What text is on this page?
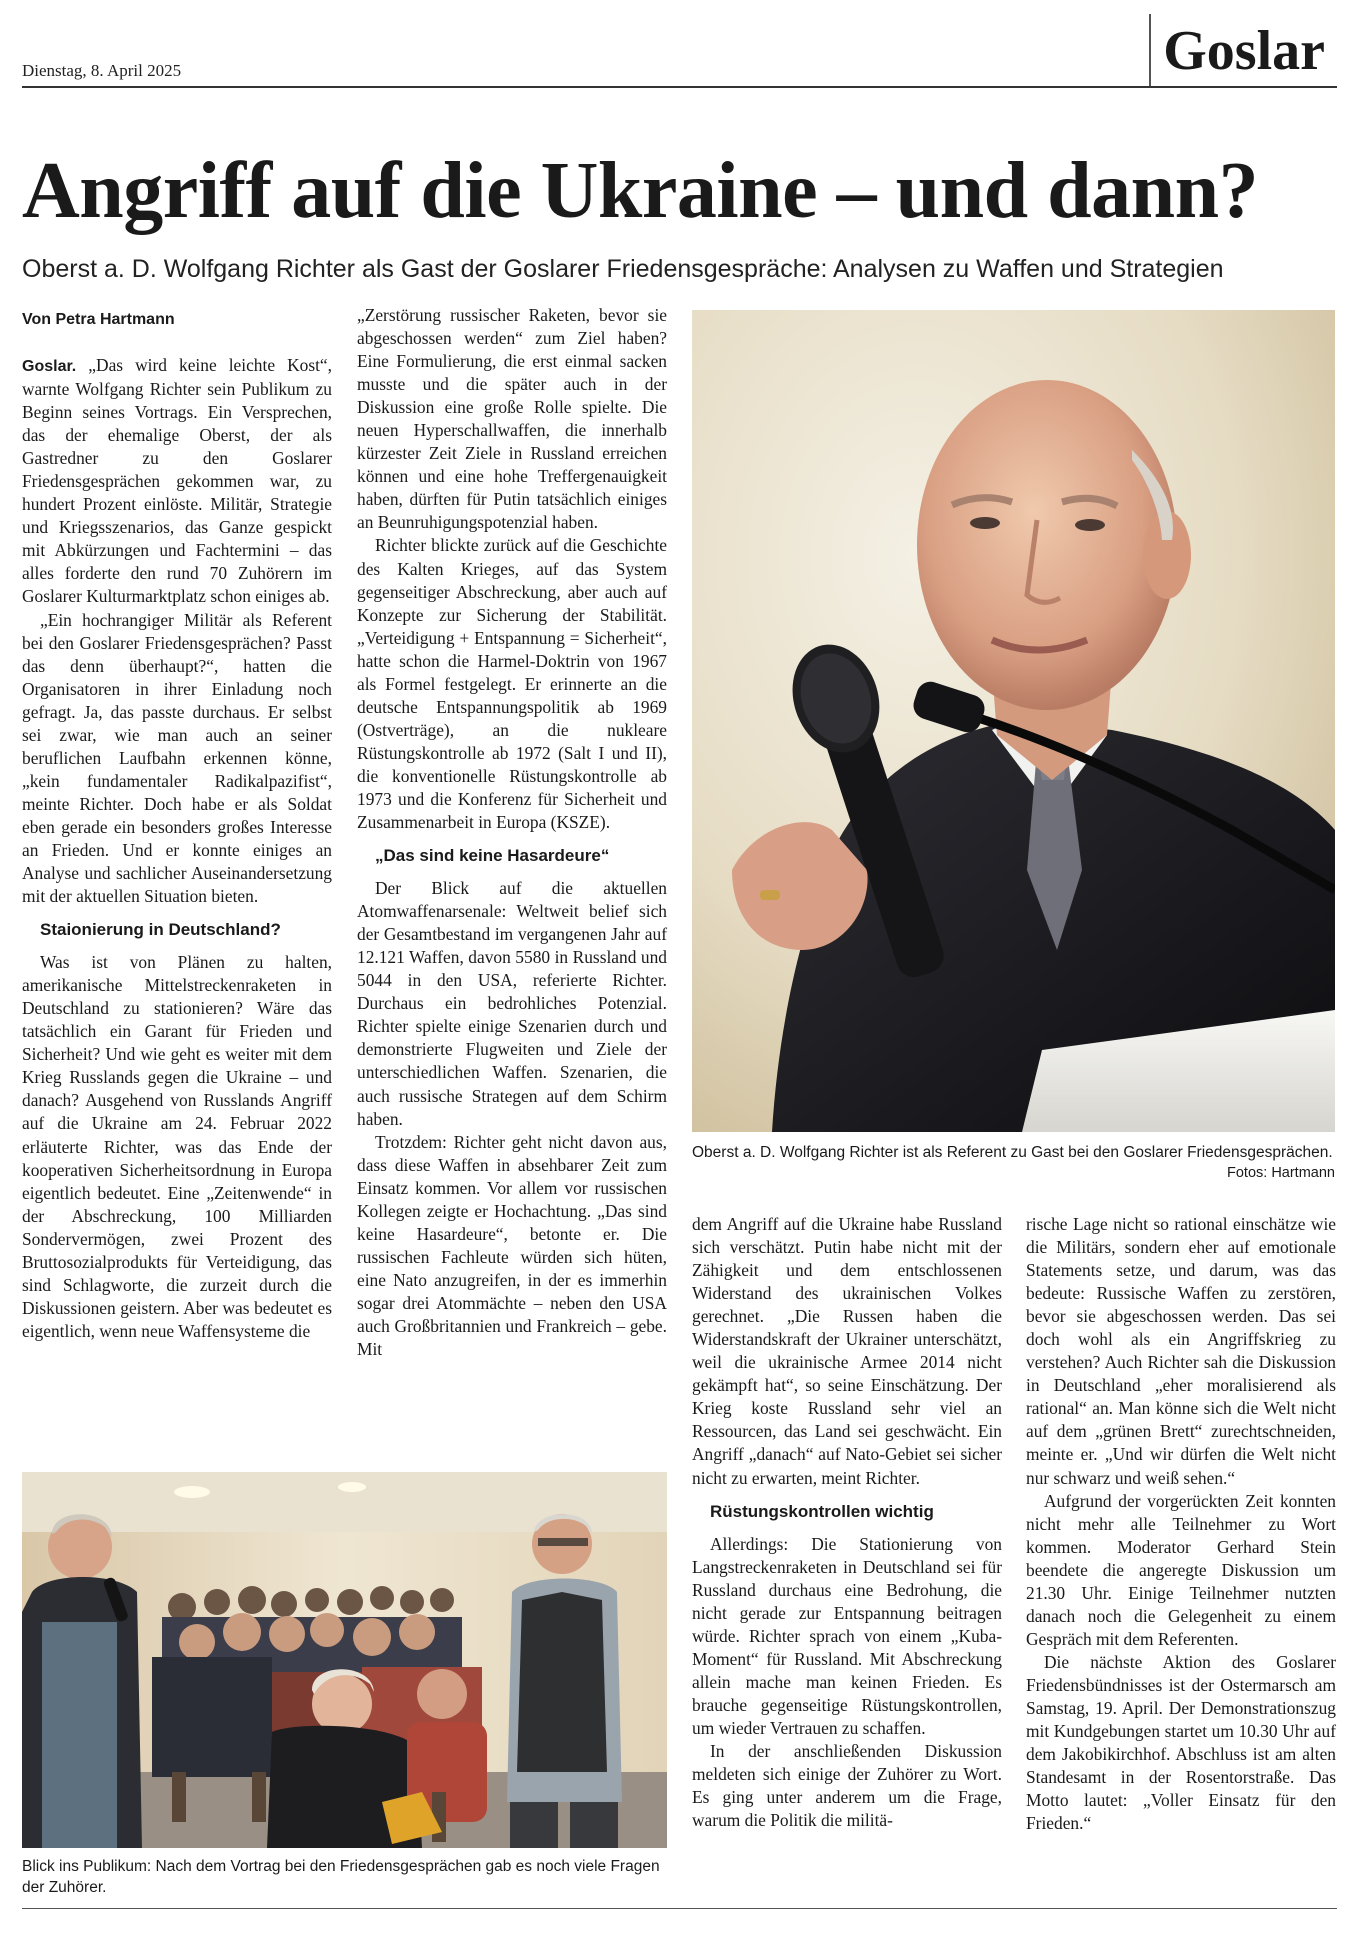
Dienstag, 8. April 2025	Goslar
Angriff auf die Ukraine – und dann?
Oberst a. D. Wolfgang Richter als Gast der Goslarer Friedensgespräche: Analysen zu Waffen und Strategien
Von Petra Hartmann

Goslar. „Das wird keine leichte Kost“, warnte Wolfgang Richter sein Publikum zu Beginn seines Vortrags. Ein Versprechen, das der ehemalige Oberst, der als Gastredner zu den Goslarer Friedensgesprächen gekommen war, zu hundert Prozent einlöste. Militär, Strategie und Kriegsszenarios, das Ganze gespickt mit Abkürzungen und Fachtermini – das alles forderte den rund 70 Zuhörern im Goslarer Kulturmarktplatz schon einiges ab.

„Ein hochrangiger Militär als Referent bei den Goslarer Friedensgesprächen? Passt das denn überhaupt?“, hatten die Organisatoren in ihrer Einladung noch gefragt. Ja, das passte durchaus. Er selbst sei zwar, wie man auch an seiner beruflichen Laufbahn erkennen könne, „kein fundamentaler Radikalpazifist“, meinte Richter. Doch habe er als Soldat eben gerade ein besonders großes Interesse an Frieden. Und er konnte einiges an Analyse und sachlicher Auseinandersetzung mit der aktuellen Situation bieten.

Staionierung in Deutschland?

Was ist von Plänen zu halten, amerikanische Mittelstreckenraketen in Deutschland zu stationieren? Wäre das tatsächlich ein Garant für Frieden und Sicherheit? Und wie geht es weiter mit dem Krieg Russlands gegen die Ukraine – und danach? Ausgehend von Russlands Angriff auf die Ukraine am 24. Februar 2022 erläuterte Richter, was das Ende der kooperativen Sicherheitsordnung in Europa eigentlich bedeutet. Eine „Zeitenwende“ in der Abschreckung, 100 Milliarden Sondervermögen, zwei Prozent des Bruttosozialprodukts für Verteidigung, das sind Schlagworte, die zurzeit durch die Diskussionen geistern. Aber was bedeutet es eigentlich, wenn neue Waffensysteme die

„Zerstörung russischer Raketen, bevor sie abgeschossen werden“ zum Ziel haben? Eine Formulierung, die erst einmal sacken musste und die später auch in der Diskussion eine große Rolle spielte. Die neuen Hyperschallwaffen, die innerhalb kürzester Zeit Ziele in Russland erreichen können und eine hohe Treffergenauigkeit haben, dürften für Putin tatsächlich einiges an Beunruhigungspotenzial haben.

Richter blickte zurück auf die Geschichte des Kalten Krieges, auf das System gegenseitiger Abschreckung, aber auch auf Konzepte zur Sicherung der Stabilität. „Verteidigung + Entspannung = Sicherheit“, hatte schon die Harmel-Doktrin von 1967 als Formel festgelegt. Er erinnerte an die deutsche Entspannungspolitik ab 1969 (Ostverträge), an die nukleare Rüstungskontrolle ab 1972 (Salt I und II), die konventionelle Rüstungskontrolle ab 1973 und die Konferenz für Sicherheit und Zusammenarbeit in Europa (KSZE).

„Das sind keine Hasardeure“

Der Blick auf die aktuellen Atomwaffenarsenale: Weltweit belief sich der Gesamtbestand im vergangenen Jahr auf 12.121 Waffen, davon 5580 in Russland und 5044 in den USA, referierte Richter. Durchaus ein bedrohliches Potenzial. Richter spielte einige Szenarien durch und demonstrierte Flugweiten und Ziele der unterschiedlichen Waffen. Szenarien, die auch russische Strategen auf dem Schirm haben.

Trotzdem: Richter geht nicht davon aus, dass diese Waffen in absehbarer Zeit zum Einsatz kommen. Vor allem vor russischen Kollegen zeigte er Hochachtung. „Das sind keine Hasardeure“, betonte er. Die russischen Fachleute würden sich hüten, eine Nato anzugreifen, in der es immerhin sogar drei Atommächte – neben den USA auch Großbritannien und Frankreich – gebe. Mit

Oberst a. D. Wolfgang Richter ist als Referent zu Gast bei den Goslarer Friedensgesprächen.
Fotos: Hartmann

dem Angriff auf die Ukraine habe Russland sich verschätzt. Putin habe nicht mit der Zähigkeit und dem entschlossenen Widerstand des ukrainischen Volkes gerechnet. „Die Russen haben die Widerstandskraft der Ukrainer unterschätzt, weil die ukrainische Armee 2014 nicht gekämpft hat“, so seine Einschätzung. Der Krieg koste Russland sehr viel an Ressourcen, das Land sei geschwächt. Ein Angriff „danach“ auf Nato-Gebiet sei sicher nicht zu erwarten, meint Richter.

Rüstungskontrollen wichtig

Allerdings: Die Stationierung von Langstreckenraketen in Deutschland sei für Russland durchaus eine Bedrohung, die nicht gerade zur Entspannung beitragen würde. Richter sprach von einem „Kuba-Moment“ für Russland. Mit Abschreckung allein mache man keinen Frieden. Es brauche gegenseitige Rüstungskontrollen, um wieder Vertrauen zu schaffen.

In der anschließenden Diskussion meldeten sich einige der Zuhörer zu Wort. Es ging unter anderem um die Frage, warum die Politik die militä-

rische Lage nicht so rational einschätze wie die Militärs, sondern eher auf emotionale Statements setze, und darum, was das bedeute: Russische Waffen zu zerstören, bevor sie abgeschossen werden. Das sei doch wohl als ein Angriffskrieg zu verstehen? Auch Richter sah die Diskussion in Deutschland „eher moralisierend als rational“ an. Man könne sich die Welt nicht auf dem „grünen Brett“ zurechtschneiden, meinte er. „Und wir dürfen die Welt nicht nur schwarz und weiß sehen.“

Aufgrund der vorgerückten Zeit konnten nicht mehr alle Teilnehmer zu Wort kommen. Moderator Gerhard Stein beendete die angeregte Diskussion um 21.30 Uhr. Einige Teilnehmer nutzten danach noch die Gelegenheit zu einem Gespräch mit dem Referenten.

Die nächste Aktion des Goslarer Friedensbündnisses ist der Ostermarsch am Samstag, 19. April. Der Demonstrationszug mit Kundgebungen startet um 10.30 Uhr auf dem Jakobikirchhof. Abschluss ist am alten Standesamt in der Rosentorstraße. Das Motto lautet: „Voller Einsatz für den Frieden.“

Blick ins Publikum: Nach dem Vortrag bei den Friedensgesprächen gab es noch viele Fragen der Zuhörer.
